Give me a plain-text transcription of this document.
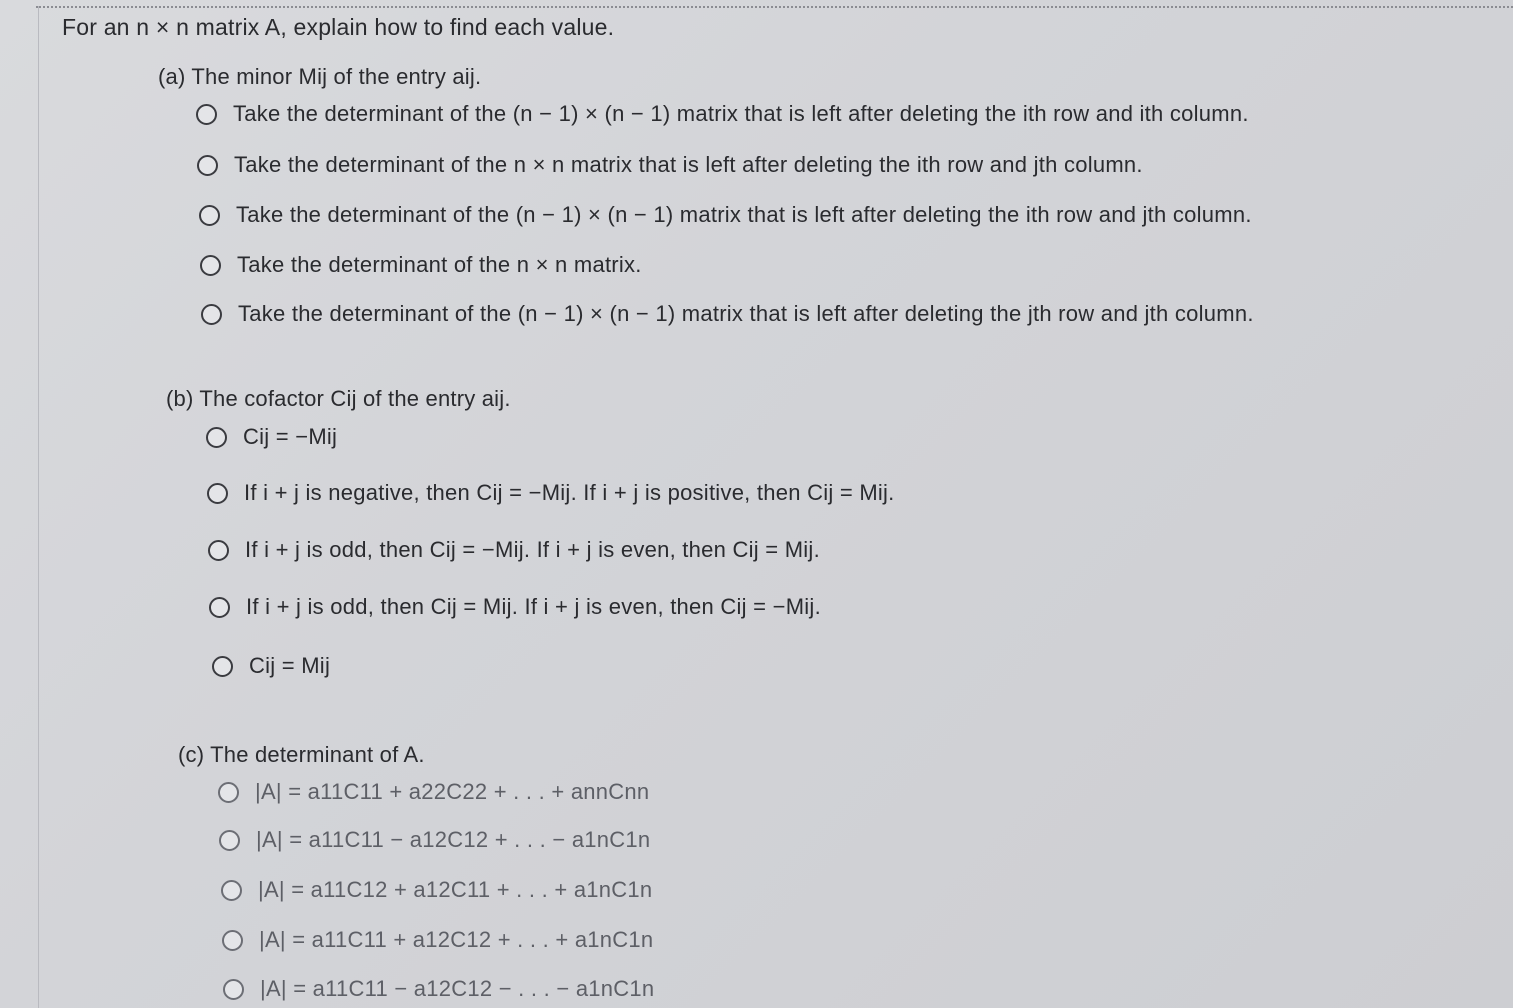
For an n × n matrix A, explain how to find each value.
(a) The minor Mij of the entry aij.
Take the determinant of the (n − 1) × (n − 1) matrix that is left after deleting the ith row and ith column.
Take the determinant of the n × n matrix that is left after deleting the ith row and jth column.
Take the determinant of the (n − 1) × (n − 1) matrix that is left after deleting the ith row and jth column.
Take the determinant of the n × n matrix.
Take the determinant of the (n − 1) × (n − 1) matrix that is left after deleting the jth row and jth column.
(b) The cofactor Cij of the entry aij.
Cij = −Mij
If i + j is negative, then Cij = −Mij. If i + j is positive, then Cij = Mij.
If i + j is odd, then Cij = −Mij. If i + j is even, then Cij = Mij.
If i + j is odd, then Cij = Mij. If i + j is even, then Cij = −Mij.
Cij = Mij
(c) The determinant of A.
|A| = a11C11 + a22C22 + . . . + annCnn
|A| = a11C11 − a12C12 + . . . − a1nC1n
|A| = a11C12 + a12C11 + . . . + a1nC1n
|A| = a11C11 + a12C12 + . . . + a1nC1n
|A| = a11C11 − a12C12 − . . . − a1nC1n
